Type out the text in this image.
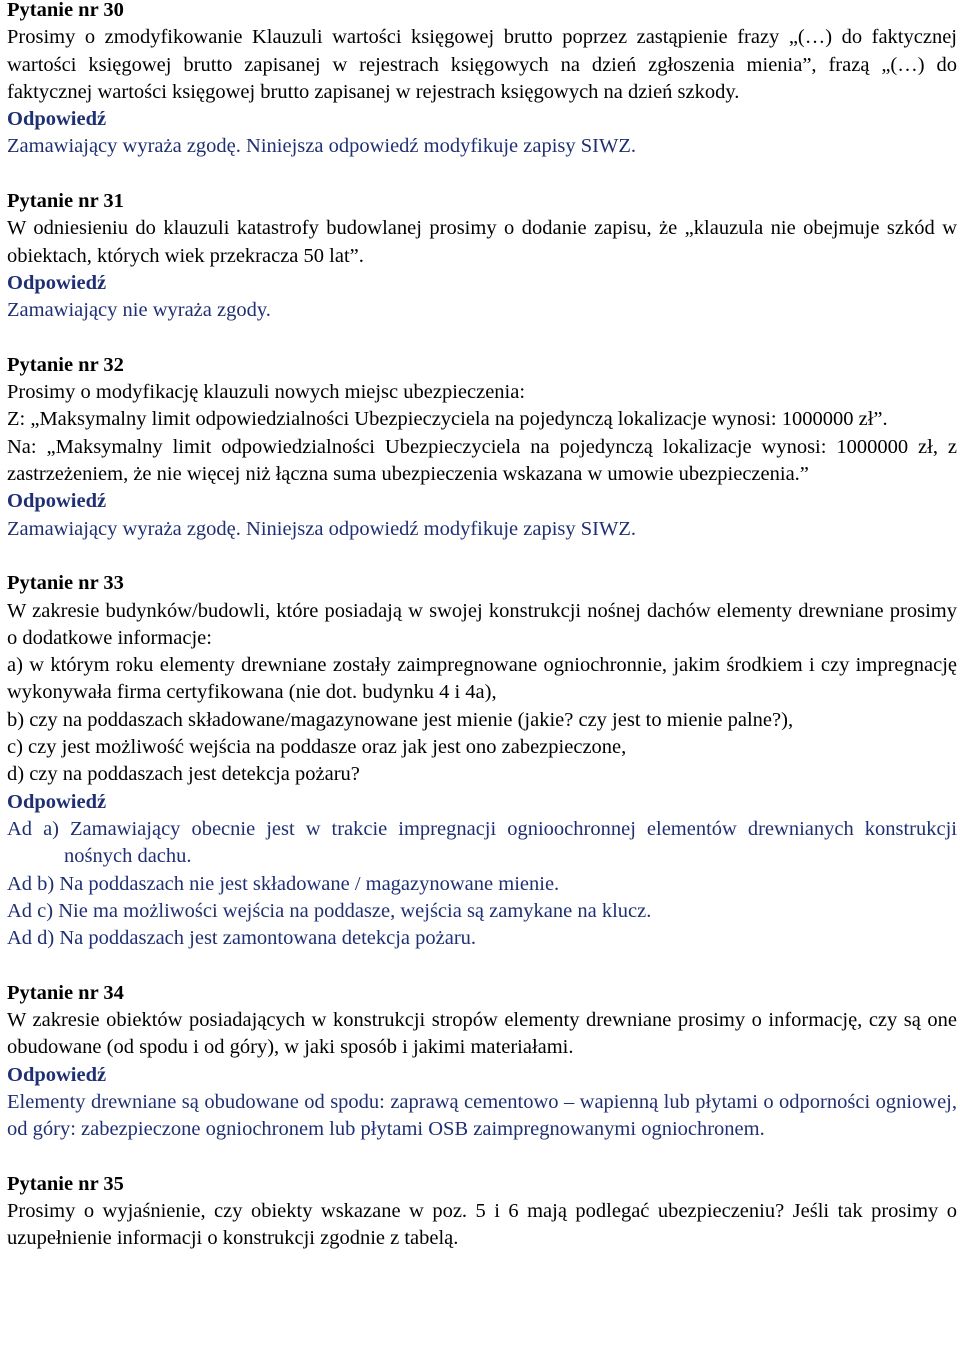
Pytanie nr 30

Prosimy o zmodyfikowanie Klauzuli wartości księgowej brutto poprzez zastąpienie frazy „(…) do faktycznej wartości księgowej brutto zapisanej w rejestrach księgowych na dzień zgłoszenia mienia”, frazą „(…) do faktycznej wartości księgowej brutto zapisanej w rejestrach księgowych na dzień szkody.

Odpowiedź

Zamawiający wyraża zgodę. Niniejsza odpowiedź modyfikuje zapisy SIWZ.

Pytanie nr 31

W odniesieniu do klauzuli katastrofy budowlanej prosimy o dodanie zapisu, że „klauzula nie obejmuje szkód w obiektach, których wiek przekracza 50 lat”.

Odpowiedź

Zamawiający nie wyraża zgody.

Pytanie nr 32

Prosimy o modyfikację klauzuli nowych miejsc ubezpieczenia:

Z: „Maksymalny limit odpowiedzialności Ubezpieczyciela na pojedynczą lokalizacje wynosi: 1000000 zł”.

Na: „Maksymalny limit odpowiedzialności Ubezpieczyciela na pojedynczą lokalizacje wynosi: 1000000 zł, z zastrzeżeniem, że nie więcej niż łączna suma ubezpieczenia wskazana w umowie ubezpieczenia.”

Odpowiedź

Zamawiający wyraża zgodę. Niniejsza odpowiedź modyfikuje zapisy SIWZ.

Pytanie nr 33

W zakresie budynków/budowli, które posiadają w swojej konstrukcji nośnej dachów elementy drewniane prosimy o dodatkowe informacje:

a) w którym roku elementy drewniane zostały zaimpregnowane ogniochronnie, jakim środkiem i czy impregnację wykonywała firma certyfikowana (nie dot. budynku 4 i 4a),

b) czy na poddaszach składowane/magazynowane jest mienie (jakie? czy jest to mienie palne?),

c) czy jest możliwość wejścia na poddasze oraz jak jest ono zabezpieczone,

d) czy na poddaszach jest detekcja pożaru?

Odpowiedź

Ad a) Zamawiający obecnie jest w trakcie impregnacji ognioochronnej elementów drewnianych konstrukcji nośnych dachu.

Ad b) Na poddaszach nie jest składowane / magazynowane mienie.

Ad c) Nie ma możliwości wejścia na poddasze, wejścia są zamykane na klucz.

Ad d) Na poddaszach jest zamontowana detekcja pożaru.

Pytanie nr 34

W zakresie obiektów posiadających w konstrukcji stropów elementy drewniane prosimy o informację, czy są one obudowane (od spodu i od góry), w jaki sposób i jakimi materiałami.

Odpowiedź

Elementy drewniane są obudowane od spodu: zaprawą cementowo – wapienną lub płytami o odporności ogniowej, od góry: zabezpieczone ogniochronem lub płytami OSB zaimpregnowanymi ogniochronem.

Pytanie nr 35

Prosimy o wyjaśnienie, czy obiekty wskazane w poz. 5 i 6 mają podlegać ubezpieczeniu? Jeśli tak prosimy o uzupełnienie informacji o konstrukcji zgodnie z tabelą.
